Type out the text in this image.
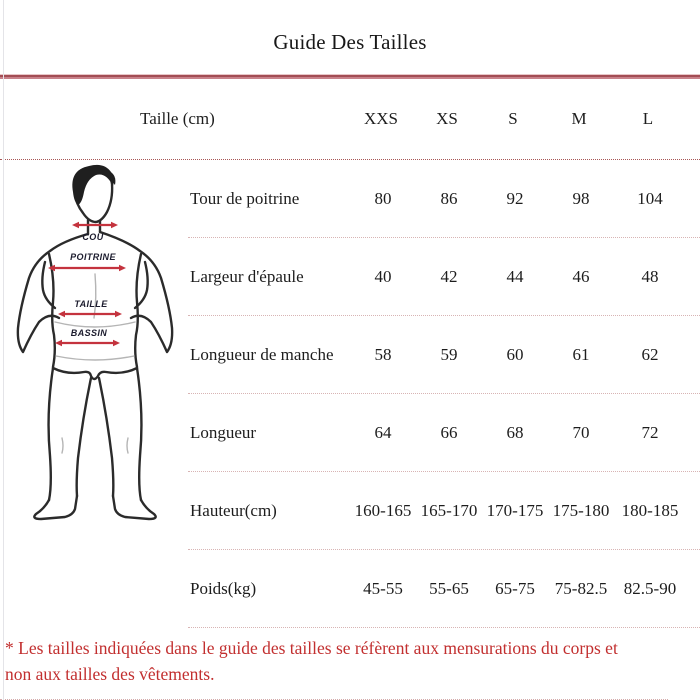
Guide Des Tailles
Taille (cm)	XXS	XS	S	M	L
COU
POITRINE
TAILLE
BASSIN
Tour de poitrine	80	86	92	98	104
Largeur d'épaule	40	42	44	46	48
Longueur de manche	58	59	60	61	62
Longueur	64	66	68	70	72
Hauteur(cm)	160-165 165-170 170-175 175-180 180-185
Poids(kg)	45-55	55-65	65-75	75-82.5 82.5-90
* Les tailles indiquées dans le guide des tailles se réfèrent aux mensurations du corps et non aux tailles des vêtements.
